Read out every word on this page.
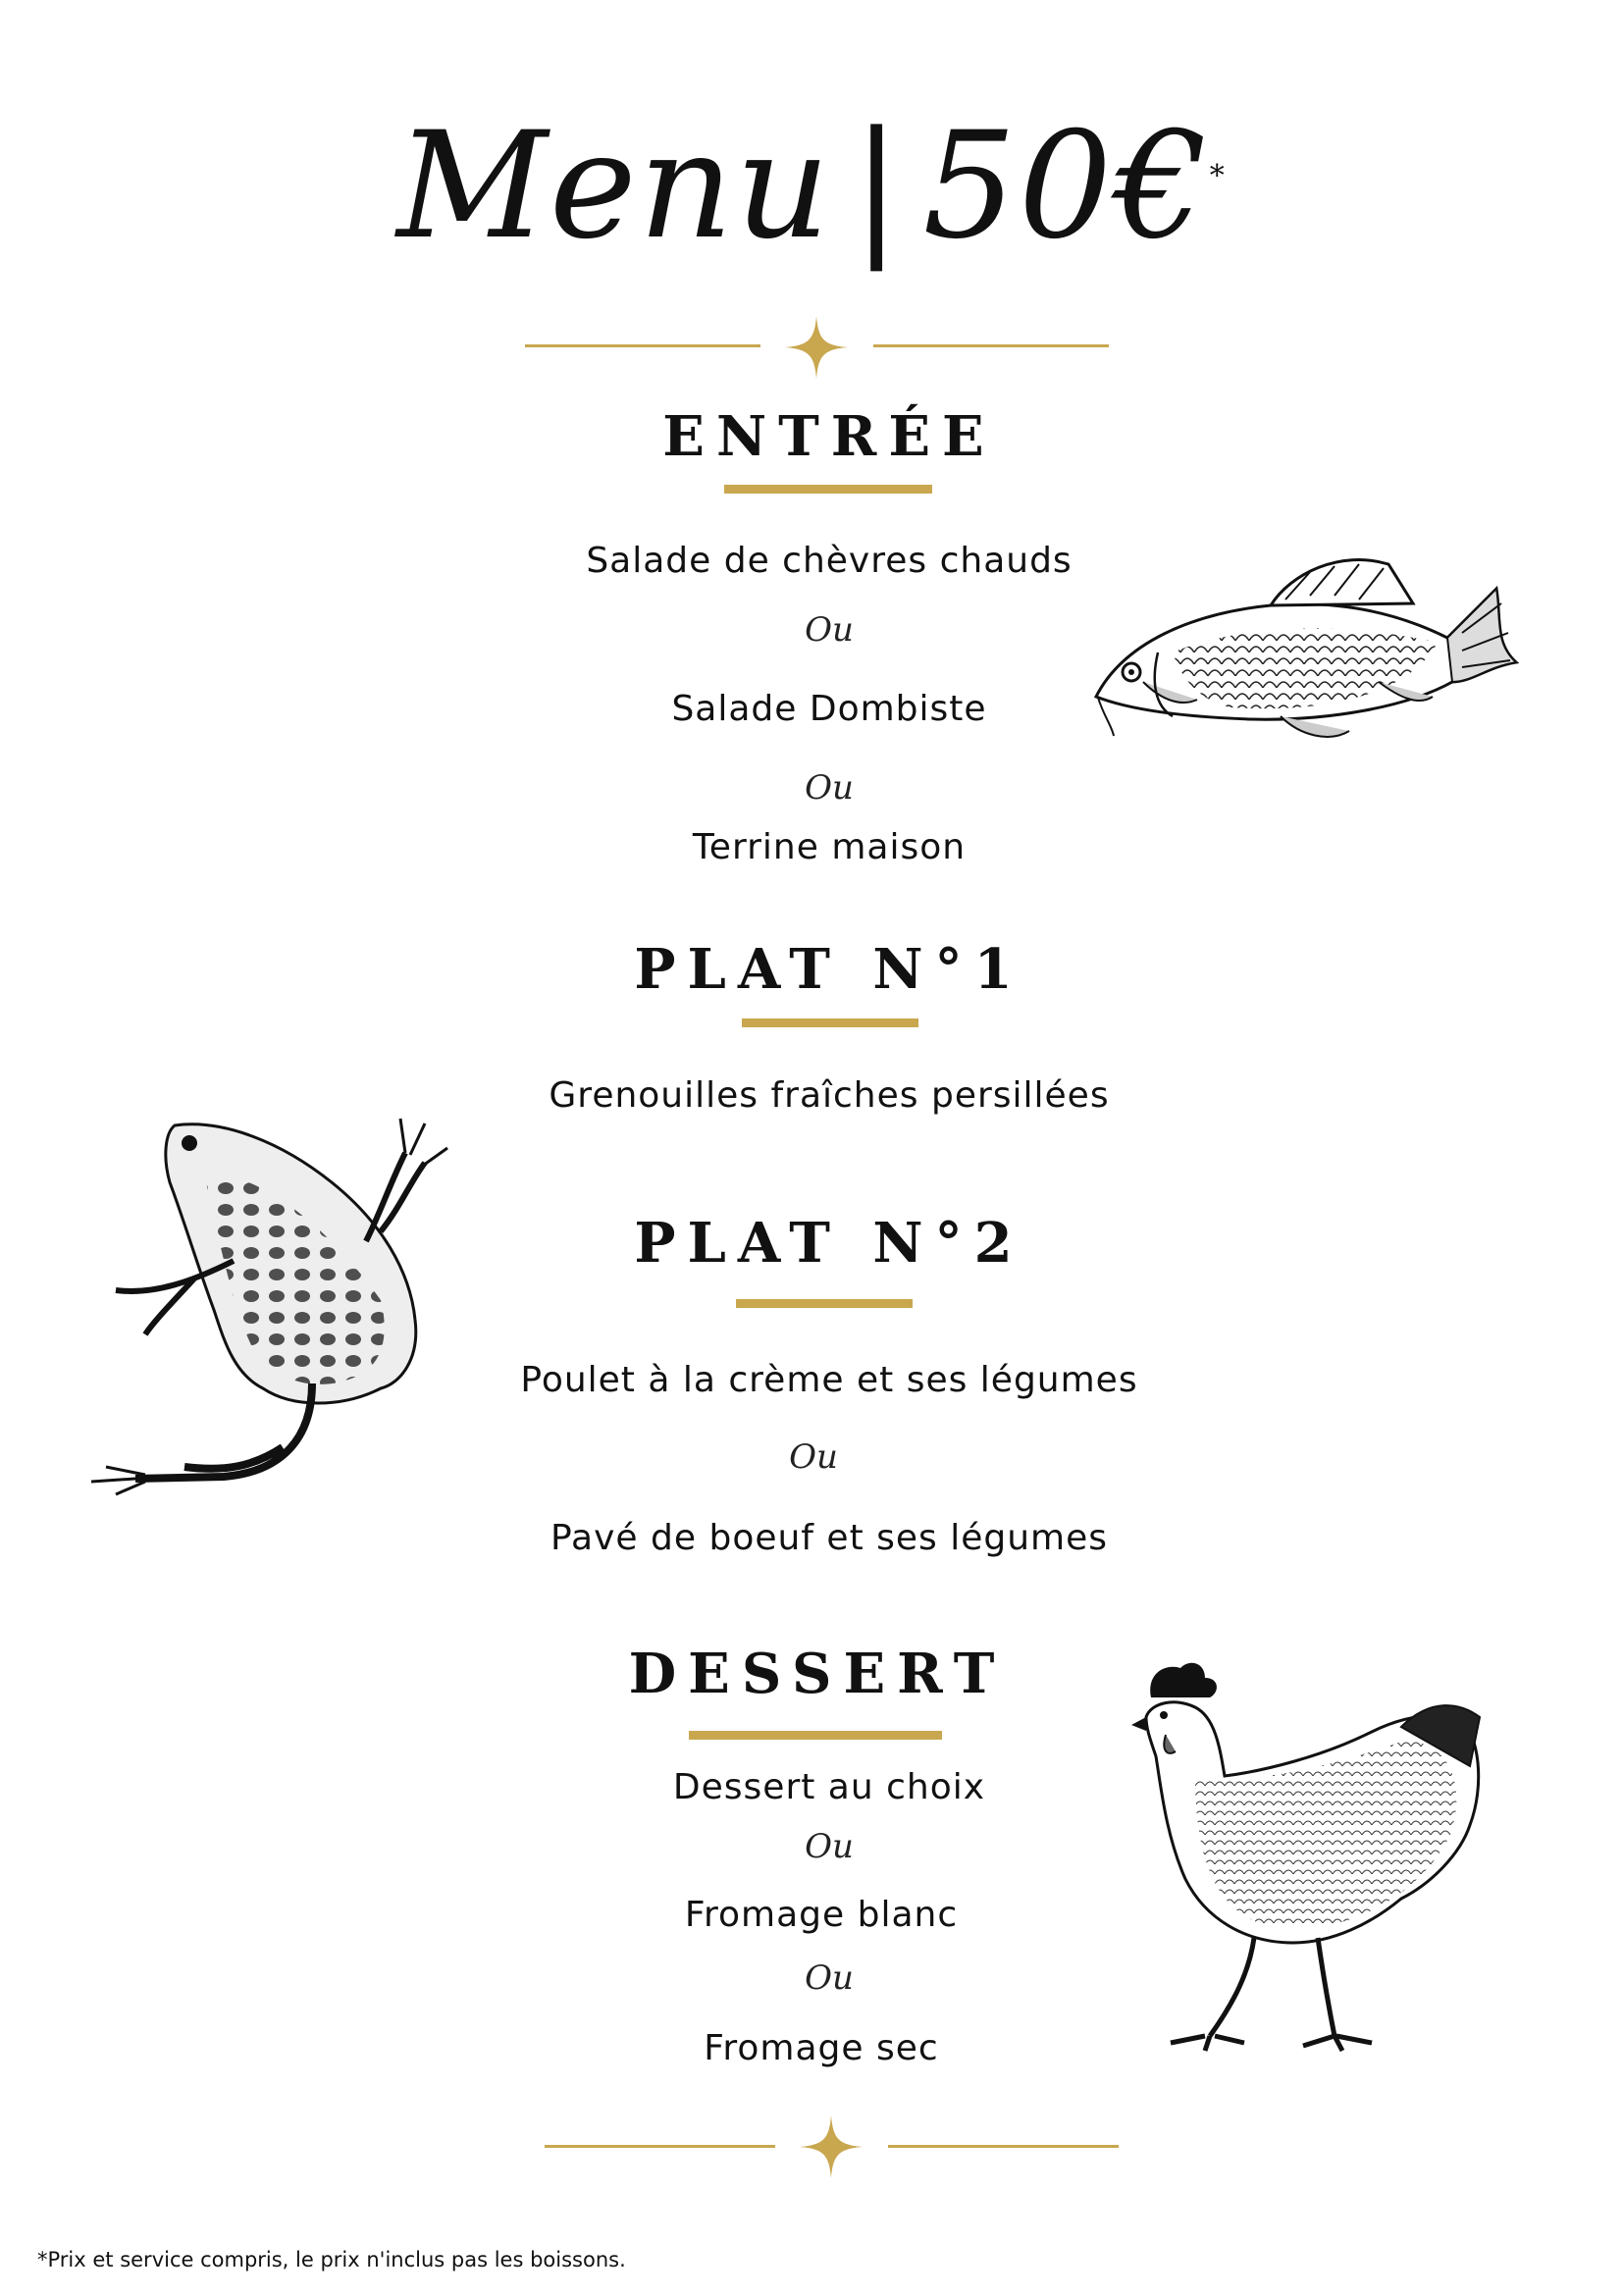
Menu | 50€*
ENTRÉE
Salade de chèvres chauds
Ou
Salade Dombiste
Ou
Terrine maison
PLAT N°1
Grenouilles fraîches persillées
PLAT N°2
Poulet à la crème et ses légumes
Ou
Pavé de boeuf et ses légumes
DESSERT
Dessert au choix
Ou
Fromage blanc
Ou
Fromage sec
*Prix et service compris, le prix n'inclus pas les boissons.
